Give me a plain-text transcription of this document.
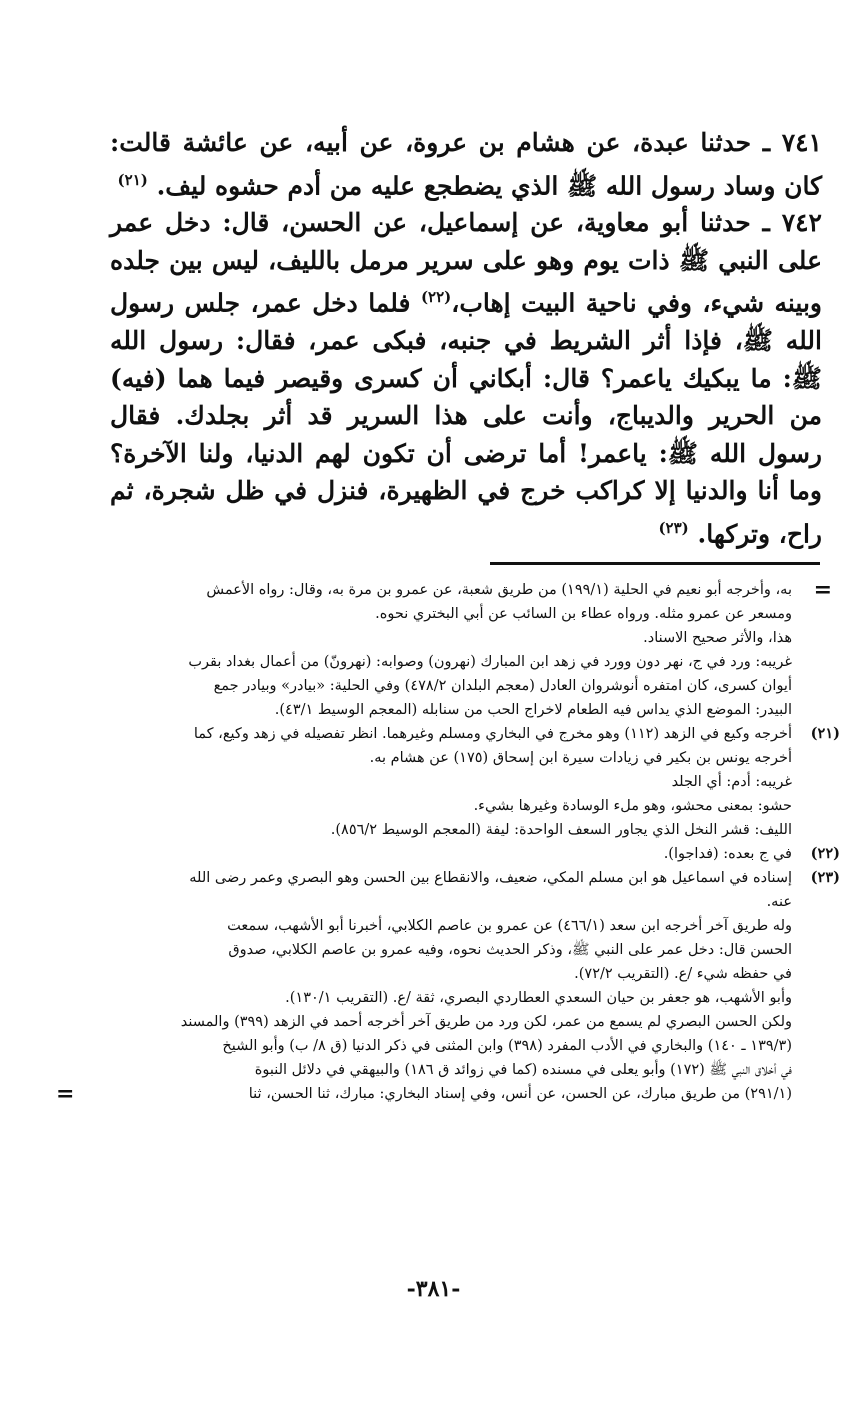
٧٤١ ـ حدثنا عبدة، عن هشام بن عروة، عن أبيه، عن عائشة قالت: كان وساد رسول الله ﷺ الذي يضطجع عليه من أدم حشوه ليف. $^{(٢١)}$

٧٤٢ ـ حدثنا أبو معاوية، عن إسماعيل، عن الحسن، قال: دخل عمر على النبي ﷺ ذات يوم وهو على سرير مرمل بالليف، ليس بين جلده وبينه شيء، وفي ناحية البيت إهاب،$^{(٢٢)}$ فلما دخل عمر، جلس رسول الله ﷺ، فإذا أثر الشريط في جنبه، فبكى عمر، فقال: رسول الله ﷺ: ما يبكيك ياعمر؟ قال: أبكاني أن كسرى وقيصر فيما هما (فيه) من الحرير والديباج، وأنت على هذا السرير قد أثر بجلدك. فقال رسول الله ﷺ: ياعمر! أما ترضى أن تكون لهم الدنيا، ولنا الآخرة؟ وما أنا والدنيا إلا كراكب خرج في الظهيرة، فنزل في ظل شجرة، ثم راح، وتركها. $^{(٢٣)}$

=
به، وأخرجه أبو نعيم في الحلية (١٩٩/١) من طريق شعبة، عن عمرو بن مرة به، وقال: رواه الأعمش
ومسعر عن عمرو مثله. ورواه عطاء بن السائب عن أبي البختري نحوه.
هذا، والأثر صحيح الاسناد.
غريبه: ورد في ج، نهر دون وورد في زهد ابن المبارك (نهرون) وصوابه: (نهرونّ) من أعمال بغداد بقرب
أيوان كسرى، كان امتفره أنوشروان العادل (معجم البلدان ٤٧٨/٢) وفي الحلية: «بيادر» وبيادر جمع
البيدر: الموضع الذي يداس فيه الطعام لاخراج الحب من سنابله (المعجم الوسيط ٤٣/١).
(٢١)
أخرجه وكيع في الزهد (١١٢) وهو مخرج في البخاري ومسلم وغيرهما. انظر تفصيله في زهد وكيع، كما
أخرجه يونس بن بكير في زيادات سيرة ابن إسحاق (١٧٥) عن هشام به.
غريبه: أدم: أي الجلد
حشو: بمعنى محشو، وهو ملء الوسادة وغيرها بشيء.
الليف: قشر النخل الذي يجاور السعف الواحدة: ليفة (المعجم الوسيط ٨٥٦/٢).
(٢٢)
في ج بعده: (فداجوا).
(٢٣)
إسناده في اسماعيل هو ابن مسلم المكي، ضعيف، والانقطاع بين الحسن وهو البصري وعمر رضى الله
عنه.
وله طريق آخر أخرجه ابن سعد (٤٦٦/١) عن عمرو بن عاصم الكلابي، أخبرنا أبو الأشهب، سمعت
الحسن قال: دخل عمر على النبي ﷺ، وذكر الحديث نحوه، وفيه عمرو بن عاصم الكلابي، صدوق
في حفظه شيء /ع. (التقريب ٧٢/٢).
وأبو الأشهب، هو جعفر بن حيان السعدي العطاردي البصري، ثقة /ع. (التقريب ١٣٠/١).
ولكن الحسن البصري لم يسمع من عمر، لكن ورد من طريق آخر أخرجه أحمد في الزهد (٣٩٩) والمسند
(١٣٩/٣ ـ ١٤٠) والبخاري في الأدب المفرد (٣٩٨) وابن المثنى في ذكر الدنيا (ق ٨/ ب) وأبو الشيخ
في أخلاق النبي ﷺ (١٧٢) وأبو يعلى في مسنده (كما في زوائد ق ١٨٦) والبيهقي في دلائل النبوة
(٢٩١/١) من طريق مبارك، عن الحسن، عن أنس، وفي إسناد البخاري: مبارك، ثنا الحسن، ثنا
=
-٣٨١-
